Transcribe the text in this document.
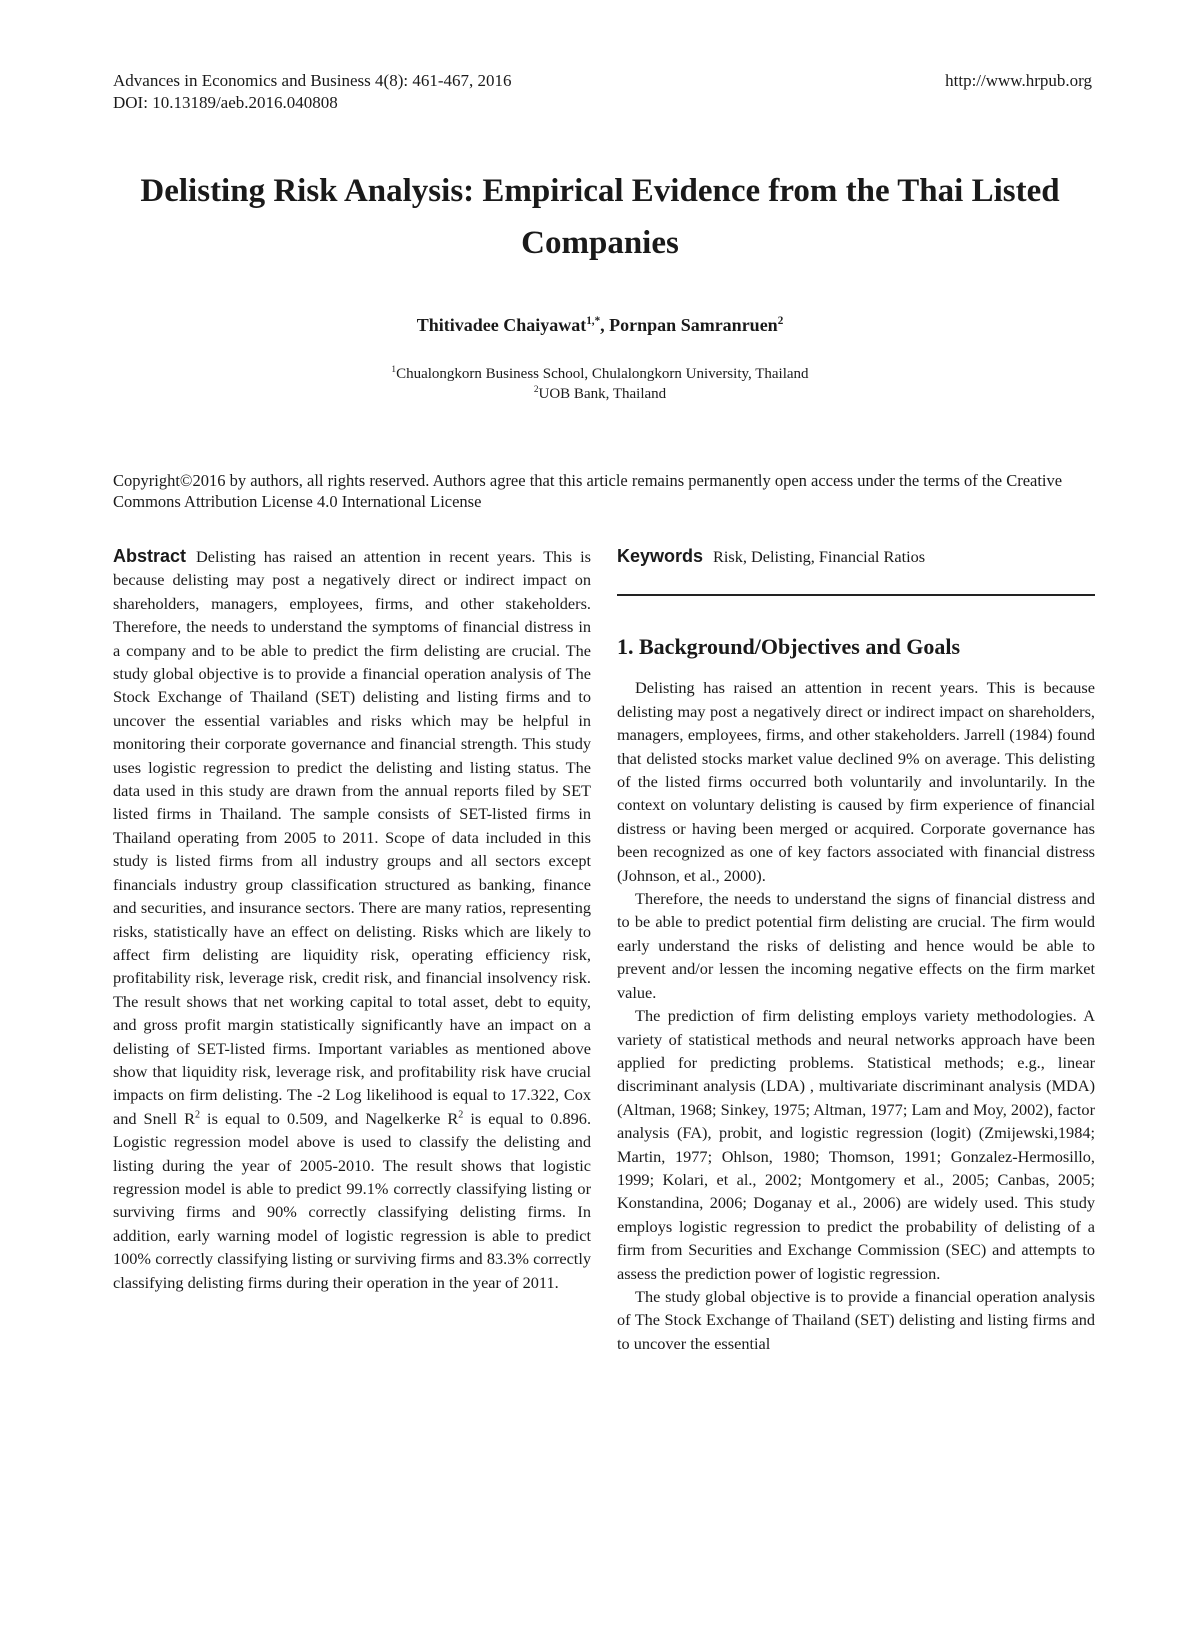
Advances in Economics and Business 4(8): 461-467, 2016
DOI: 10.13189/aeb.2016.040808
http://www.hrpub.org
Delisting Risk Analysis: Empirical Evidence from the Thai Listed Companies
Thitivadee Chaiyawat$^{1,*}$, Pornpan Samranruen$^2$
$^1$Chualongkorn Business School, Chulalongkorn University, Thailand
$^2$UOB Bank, Thailand
Copyright©2016 by authors, all rights reserved. Authors agree that this article remains permanently open access under the terms of the Creative Commons Attribution License 4.0 International License

Abstract Delisting has raised an attention in recent years. This is because delisting may post a negatively direct or indirect impact on shareholders, managers, employees, firms, and other stakeholders. Therefore, the needs to understand the symptoms of financial distress in a company and to be able to predict the firm delisting are crucial. The study global objective is to provide a financial operation analysis of The Stock Exchange of Thailand (SET) delisting and listing firms and to uncover the essential variables and risks which may be helpful in monitoring their corporate governance and financial strength. This study uses logistic regression to predict the delisting and listing status. The data used in this study are drawn from the annual reports filed by SET listed firms in Thailand. The sample consists of SET-listed firms in Thailand operating from 2005 to 2011. Scope of data included in this study is listed firms from all industry groups and all sectors except financials industry group classification structured as banking, finance and securities, and insurance sectors. There are many ratios, representing risks, statistically have an effect on delisting. Risks which are likely to affect firm delisting are liquidity risk, operating efficiency risk, profitability risk, leverage risk, credit risk, and financial insolvency risk. The result shows that net working capital to total asset, debt to equity, and gross profit margin statistically significantly have an impact on a delisting of SET-listed firms. Important variables as mentioned above show that liquidity risk, leverage risk, and profitability risk have crucial impacts on firm delisting. The -2 Log likelihood is equal to 17.322, Cox and Snell $R^2$ is equal to 0.509, and Nagelkerke $R^2$ is equal to 0.896. Logistic regression model above is used to classify the delisting and listing during the year of 2005-2010. The result shows that logistic regression model is able to predict 99.1% correctly classifying listing or surviving firms and 90% correctly classifying delisting firms. In addition, early warning model of logistic regression is able to predict 100% correctly classifying listing or surviving firms and 83.3% correctly classifying delisting firms during their operation in the year of 2011.

Keywords Risk, Delisting, Financial Ratios

1. Background/Objectives and Goals

Delisting has raised an attention in recent years. This is because delisting may post a negatively direct or indirect impact on shareholders, managers, employees, firms, and other stakeholders. Jarrell (1984) found that delisted stocks market value declined 9% on average. This delisting of the listed firms occurred both voluntarily and involuntarily. In the context on voluntary delisting is caused by firm experience of financial distress or having been merged or acquired. Corporate governance has been recognized as one of key factors associated with financial distress (Johnson, et al., 2000).

Therefore, the needs to understand the signs of financial distress and to be able to predict potential firm delisting are crucial. The firm would early understand the risks of delisting and hence would be able to prevent and/or lessen the incoming negative effects on the firm market value.

The prediction of firm delisting employs variety methodologies. A variety of statistical methods and neural networks approach have been applied for predicting problems. Statistical methods; e.g., linear discriminant analysis (LDA) , multivariate discriminant analysis (MDA) (Altman, 1968; Sinkey, 1975; Altman, 1977; Lam and Moy, 2002), factor analysis (FA), probit, and logistic regression (logit) (Zmijewski,1984; Martin, 1977; Ohlson, 1980; Thomson, 1991; Gonzalez-Hermosillo, 1999; Kolari, et al., 2002; Montgomery et al., 2005; Canbas, 2005; Konstandina, 2006; Doganay et al., 2006) are widely used. This study employs logistic regression to predict the probability of delisting of a firm from Securities and Exchange Commission (SEC) and attempts to assess the prediction power of logistic regression.

The study global objective is to provide a financial operation analysis of The Stock Exchange of Thailand (SET) delisting and listing firms and to uncover the essential
